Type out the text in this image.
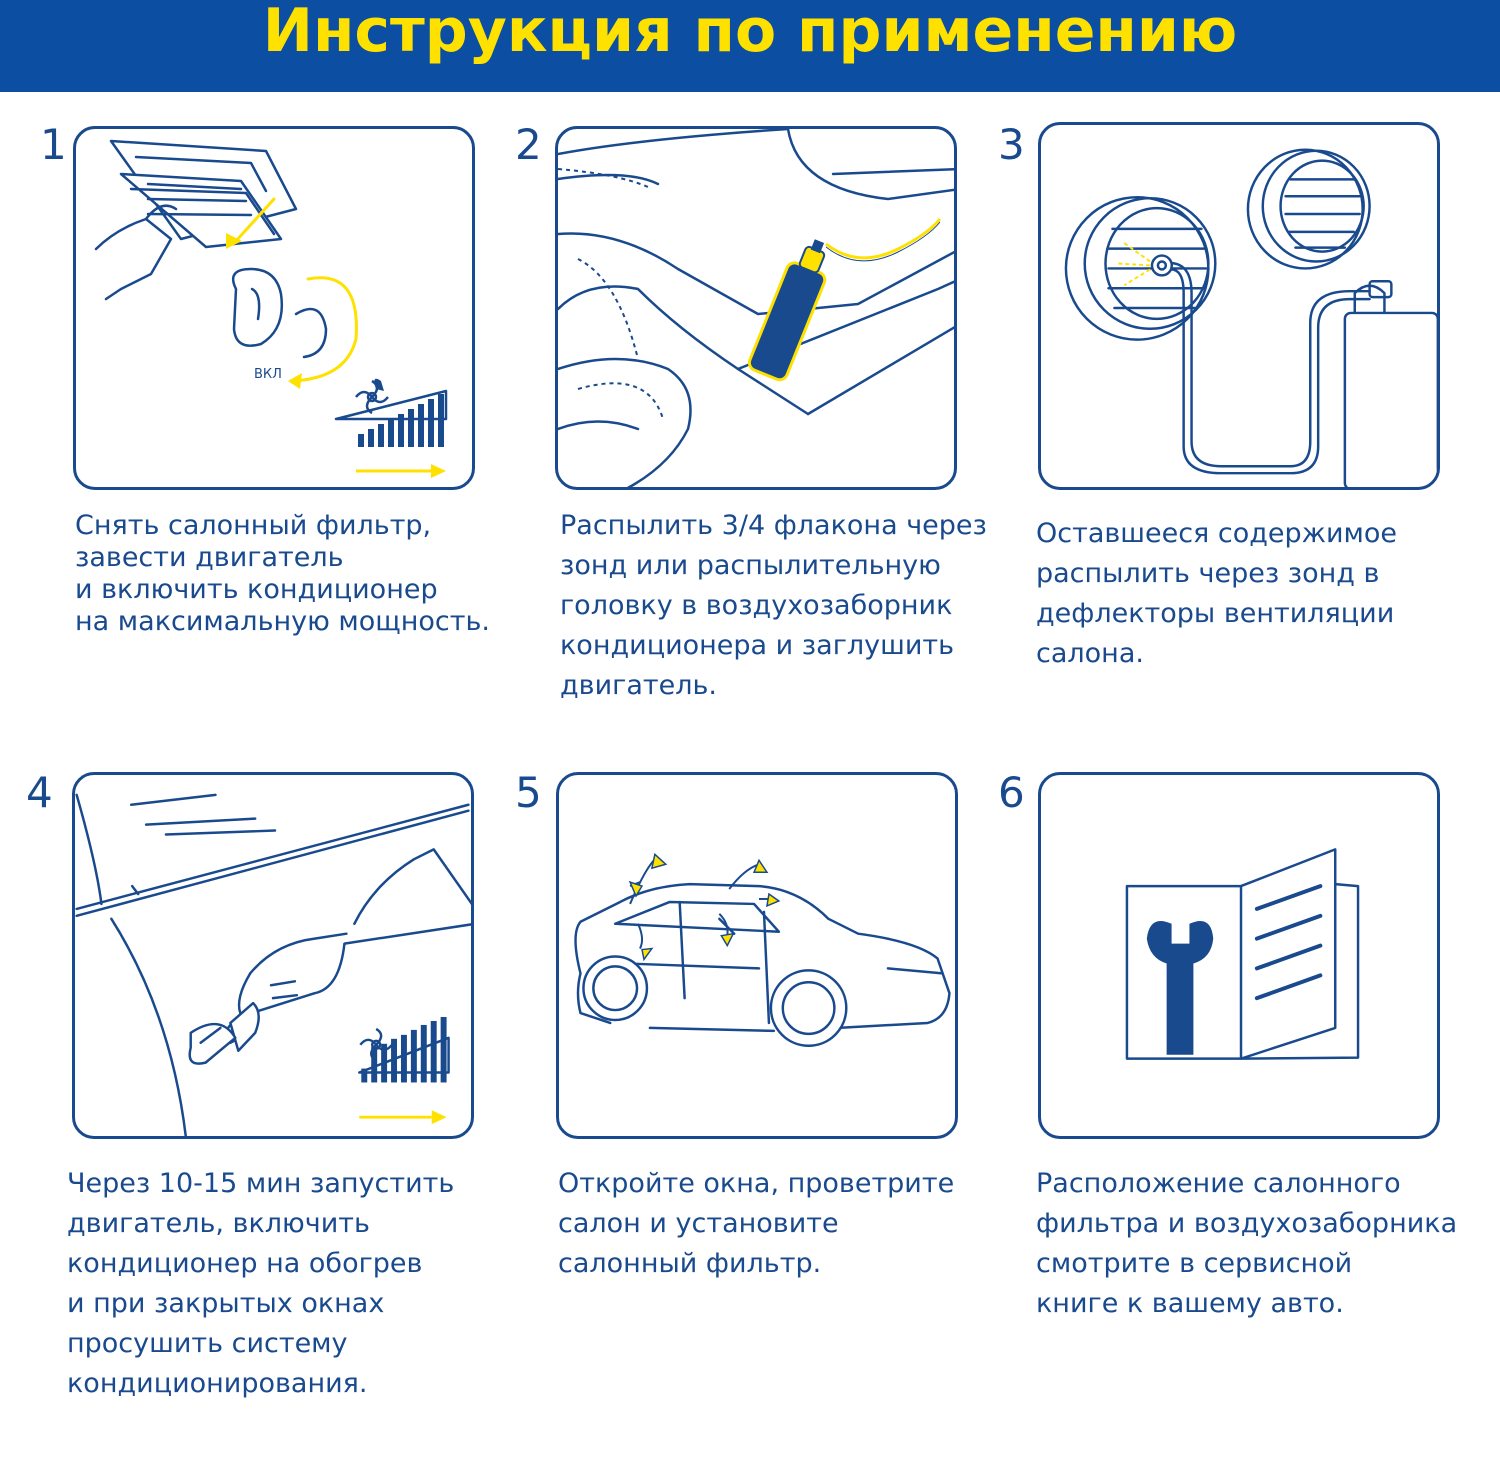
Инструкция по применению
1
ВКЛ
Снять салонный фильтр,
завести двигатель
и включить кондиционер
на максимальную мощность.
2
Распылить 3/4 флакона через
зонд или распылительную
головку в воздухозаборник
кондиционера и заглушить
двигатель.
3
Оставшееся содержимое
распылить через зонд в
дефлекторы вентиляции
салона.
4
Через 10-15 мин запустить
двигатель, включить
кондиционер на обогрев
и при закрытых окнах
просушить систему
кондиционирования.
5
Откройте окна, проветрите
салон и установите
салонный фильтр.
6
Расположение салонного
фильтра и воздухозаборника
смотрите в сервисной
книге к вашему авто.
